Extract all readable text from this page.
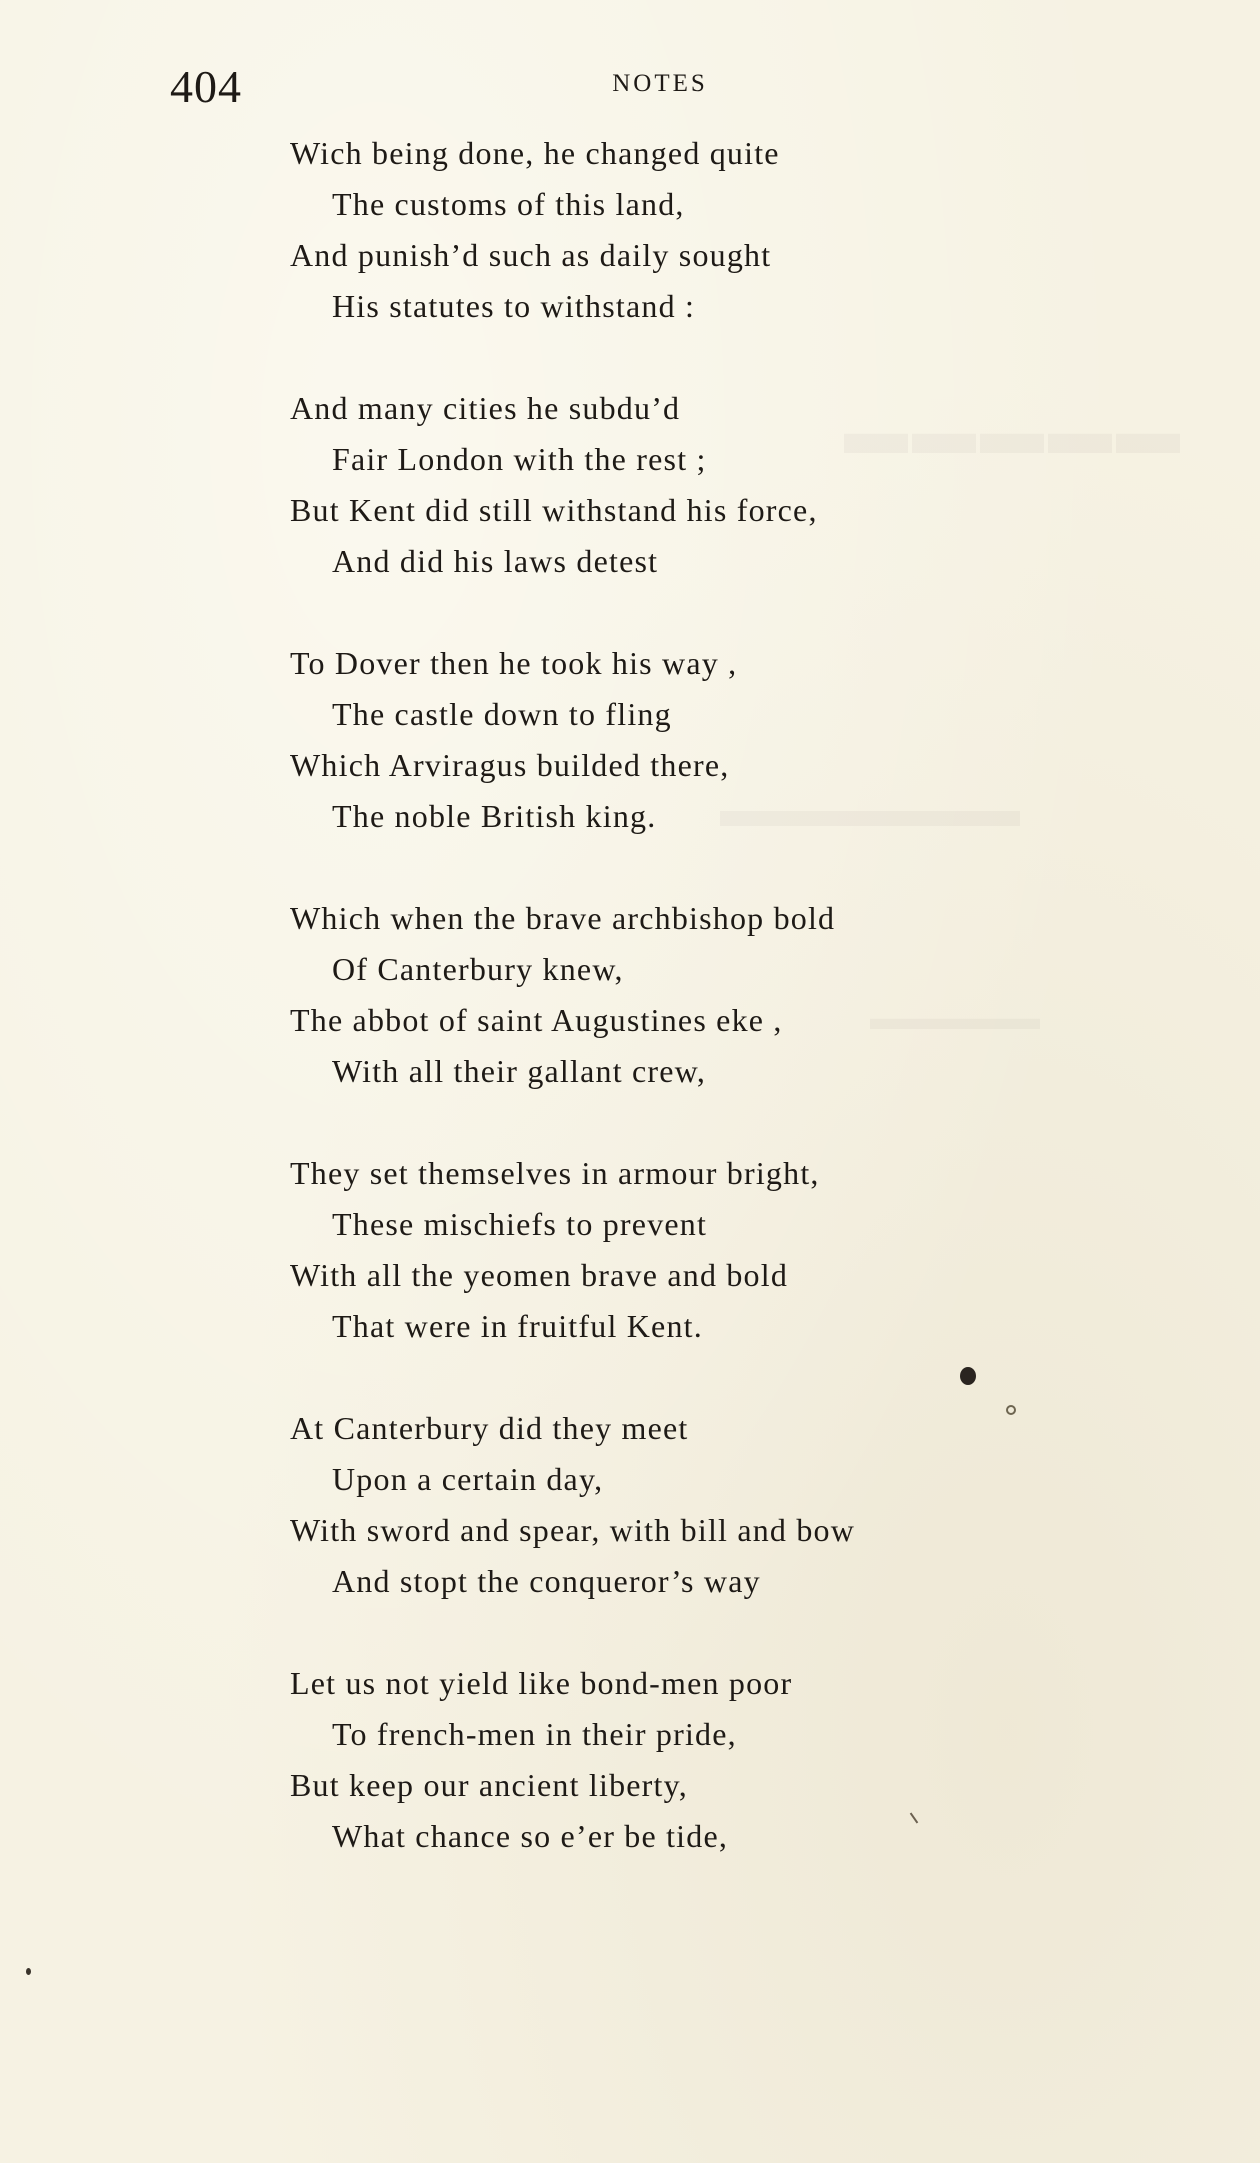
▬▬▬▬▬
▬▬▬▬▬▬
▬▬▬▬▬
404	NOTES
Wich being done, he changed quite
The customs of this land,
And punish’d such as daily sought
His statutes to withstand :
And many cities he subdu’d
Fair London with the rest ;
But Kent did still withstand his force,
And did his laws detest
To Dover then he took his way ,
The castle down to fling
Which Arviragus builded there,
The noble British king.
Which when the brave archbishop bold
Of Canterbury knew,
The abbot of saint Augustines eke ,
With all their gallant crew,
They set themselves in armour bright,
These mischiefs to prevent
With all the yeomen brave and bold
That were in fruitful Kent.
At Canterbury did they meet
Upon a certain day,
With sword and spear, with bill and bow
And stopt the conqueror’s way
Let us not yield like bond-men poor
To french-men in their pride,
But keep our ancient liberty,
What chance so e’er be tide,
